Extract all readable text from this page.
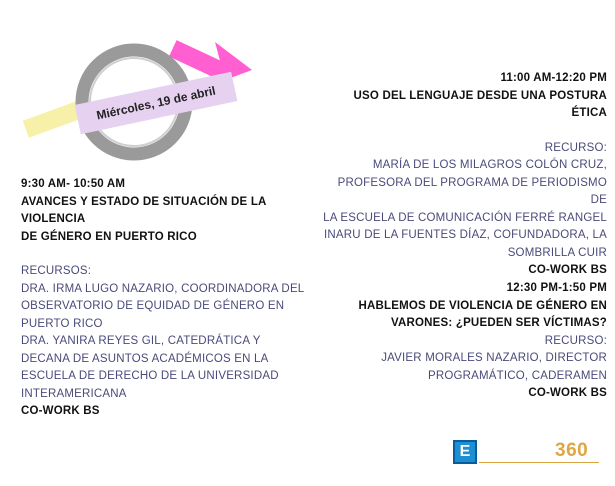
Miércoles, 19 de abril
9:30 AM- 10:50 AM
AVANCES Y ESTADO DE SITUACIÓN DE LA
VIOLENCIA
DE GÉNERO EN PUERTO RICO
RECURSOS:
DRA. IRMA LUGO NAZARIO, COORDINADORA DEL
OBSERVATORIO DE EQUIDAD DE GÉNERO EN
PUERTO RICO
DRA. YANIRA REYES GIL, CATEDRÁTICA Y
DECANA DE ASUNTOS ACADÉMICOS EN LA
ESCUELA DE DERECHO DE LA UNIVERSIDAD
INTERAMERICANA
CO-WORK BS
11:00 AM-12:20 PM
USO DEL LENGUAJE DESDE UNA POSTURA
ÉTICA
RECURSO:
MARÍA DE LOS MILAGROS COLÓN CRUZ,
PROFESORA DEL PROGRAMA DE PERIODISMO DE
LA ESCUELA DE COMUNICACIÓN FERRÉ RANGEL
INARU DE LA FUENTES DÍAZ, COFUNDADORA, LA
SOMBRILLA CUIR
CO-WORK BS
12:30 PM-1:50 PM
HABLEMOS DE VIOLENCIA DE GÉNERO EN
VARONES: ¿PUEDEN SER VÍCTIMAS?
RECURSO:
JAVIER MORALES NAZARIO, DIRECTOR
PROGRAMÁTICO, CADERAMEN
CO-WORK BS
E	360
